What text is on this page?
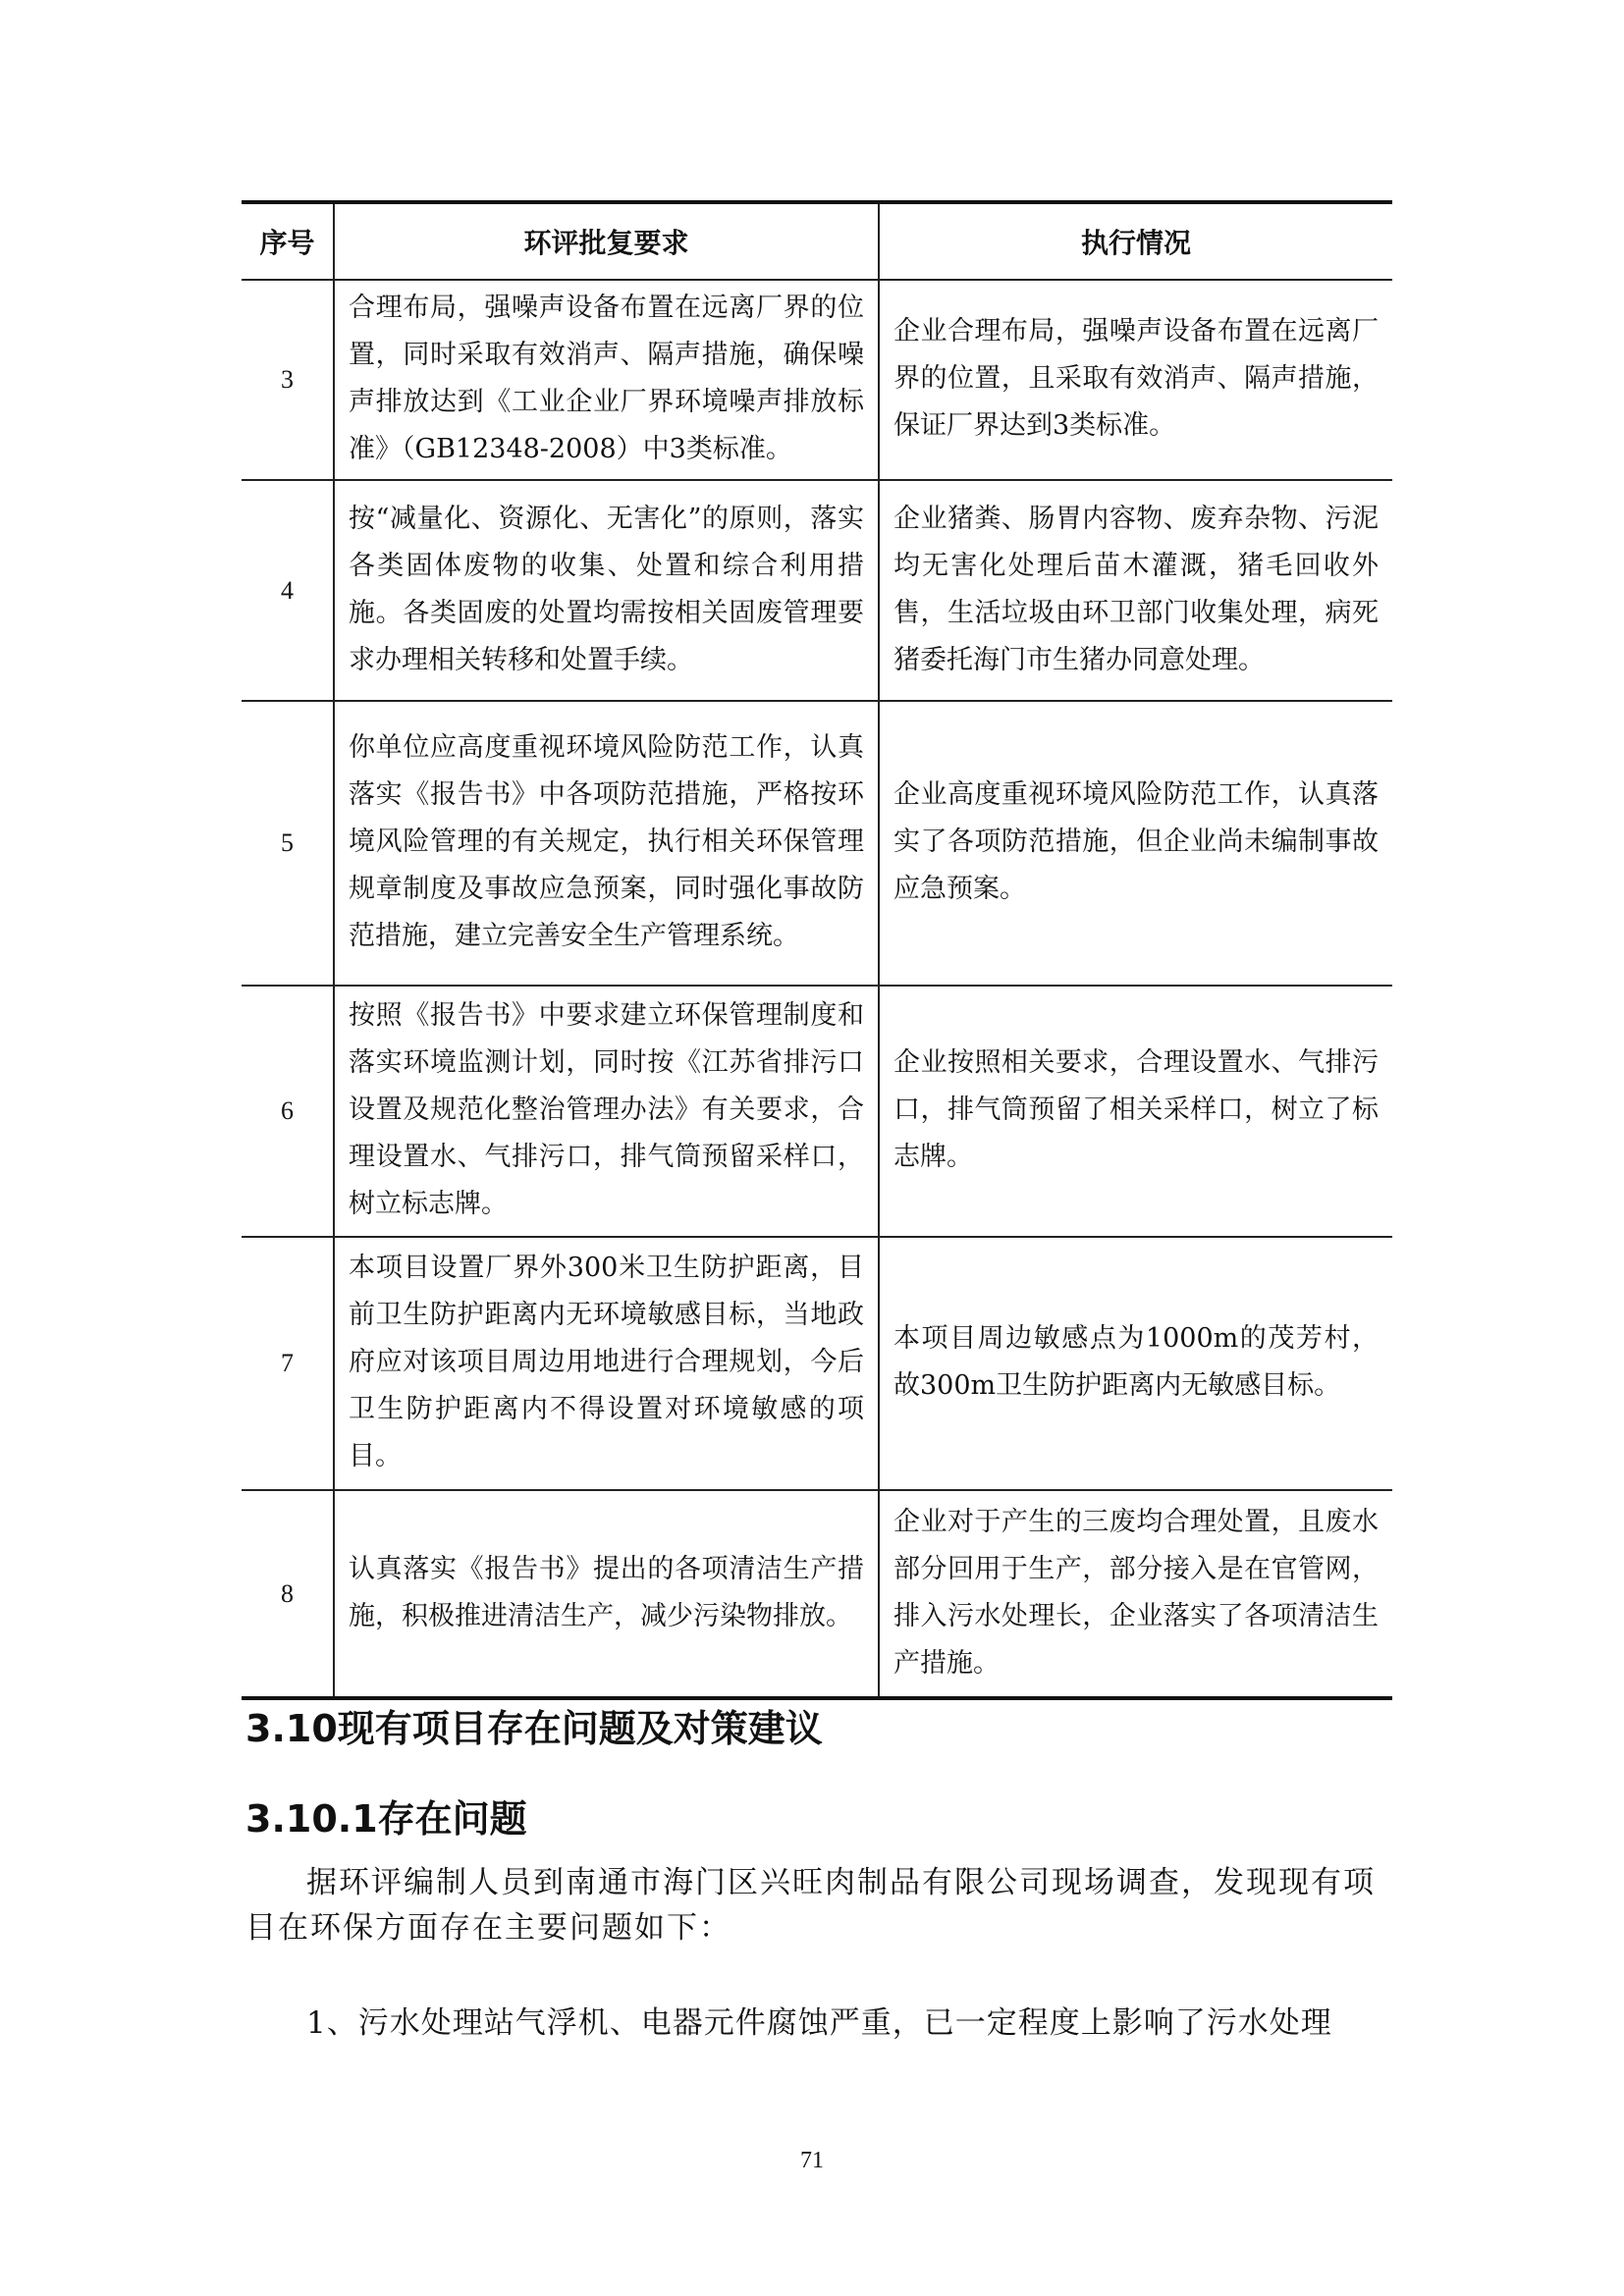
序号	环评批复要求	执行情况
3	合理布局，强噪声设备布置在远离厂界的位置，同时采取有效消声、隔声措施，确保噪声排放达到《工业企业厂界环境噪声排放标准》（GB12348-2008）中3类标准。	企业合理布局，强噪声设备布置在远离厂界的位置，且采取有效消声、隔声措施，保证厂界达到3类标准。
4	按“减量化、资源化、无害化”的原则，落实各类固体废物的收集、处置和综合利用措施。各类固废的处置均需按相关固废管理要求办理相关转移和处置手续。	企业猪粪、肠胃内容物、废弃杂物、污泥均无害化处理后苗木灌溉，猪毛回收外售，生活垃圾由环卫部门收集处理，病死猪委托海门市生猪办同意处理。
5	你单位应高度重视环境风险防范工作，认真落实《报告书》中各项防范措施，严格按环境风险管理的有关规定，执行相关环保管理规章制度及事故应急预案，同时强化事故防范措施，建立完善安全生产管理系统。	企业高度重视环境风险防范工作，认真落实了各项防范措施，但企业尚未编制事故应急预案。
6	按照《报告书》中要求建立环保管理制度和落实环境监测计划，同时按《江苏省排污口设置及规范化整治管理办法》有关要求，合理设置水、气排污口，排气筒预留采样口，树立标志牌。	企业按照相关要求，合理设置水、气排污口，排气筒预留了相关采样口，树立了标志牌。
7	本项目设置厂界外300米卫生防护距离，目前卫生防护距离内无环境敏感目标，当地政府应对该项目周边用地进行合理规划，今后卫生防护距离内不得设置对环境敏感的项目。	本项目周边敏感点为1000m的茂芳村，故300m卫生防护距离内无敏感目标。
8	认真落实《报告书》提出的各项清洁生产措施，积极推进清洁生产，减少污染物排放。	企业对于产生的三废均合理处置，且废水部分回用于生产，部分接入是在官管网，排入污水处理长，企业落实了各项清洁生产措施。
3.10现有项目存在问题及对策建议
3.10.1存在问题

据环评编制人员到南通市海门区兴旺肉制品有限公司现场调查，发现现有项目在环保方面存在主要问题如下：

1、污水处理站气浮机、电器元件腐蚀严重，已一定程度上影响了污水处理

71
